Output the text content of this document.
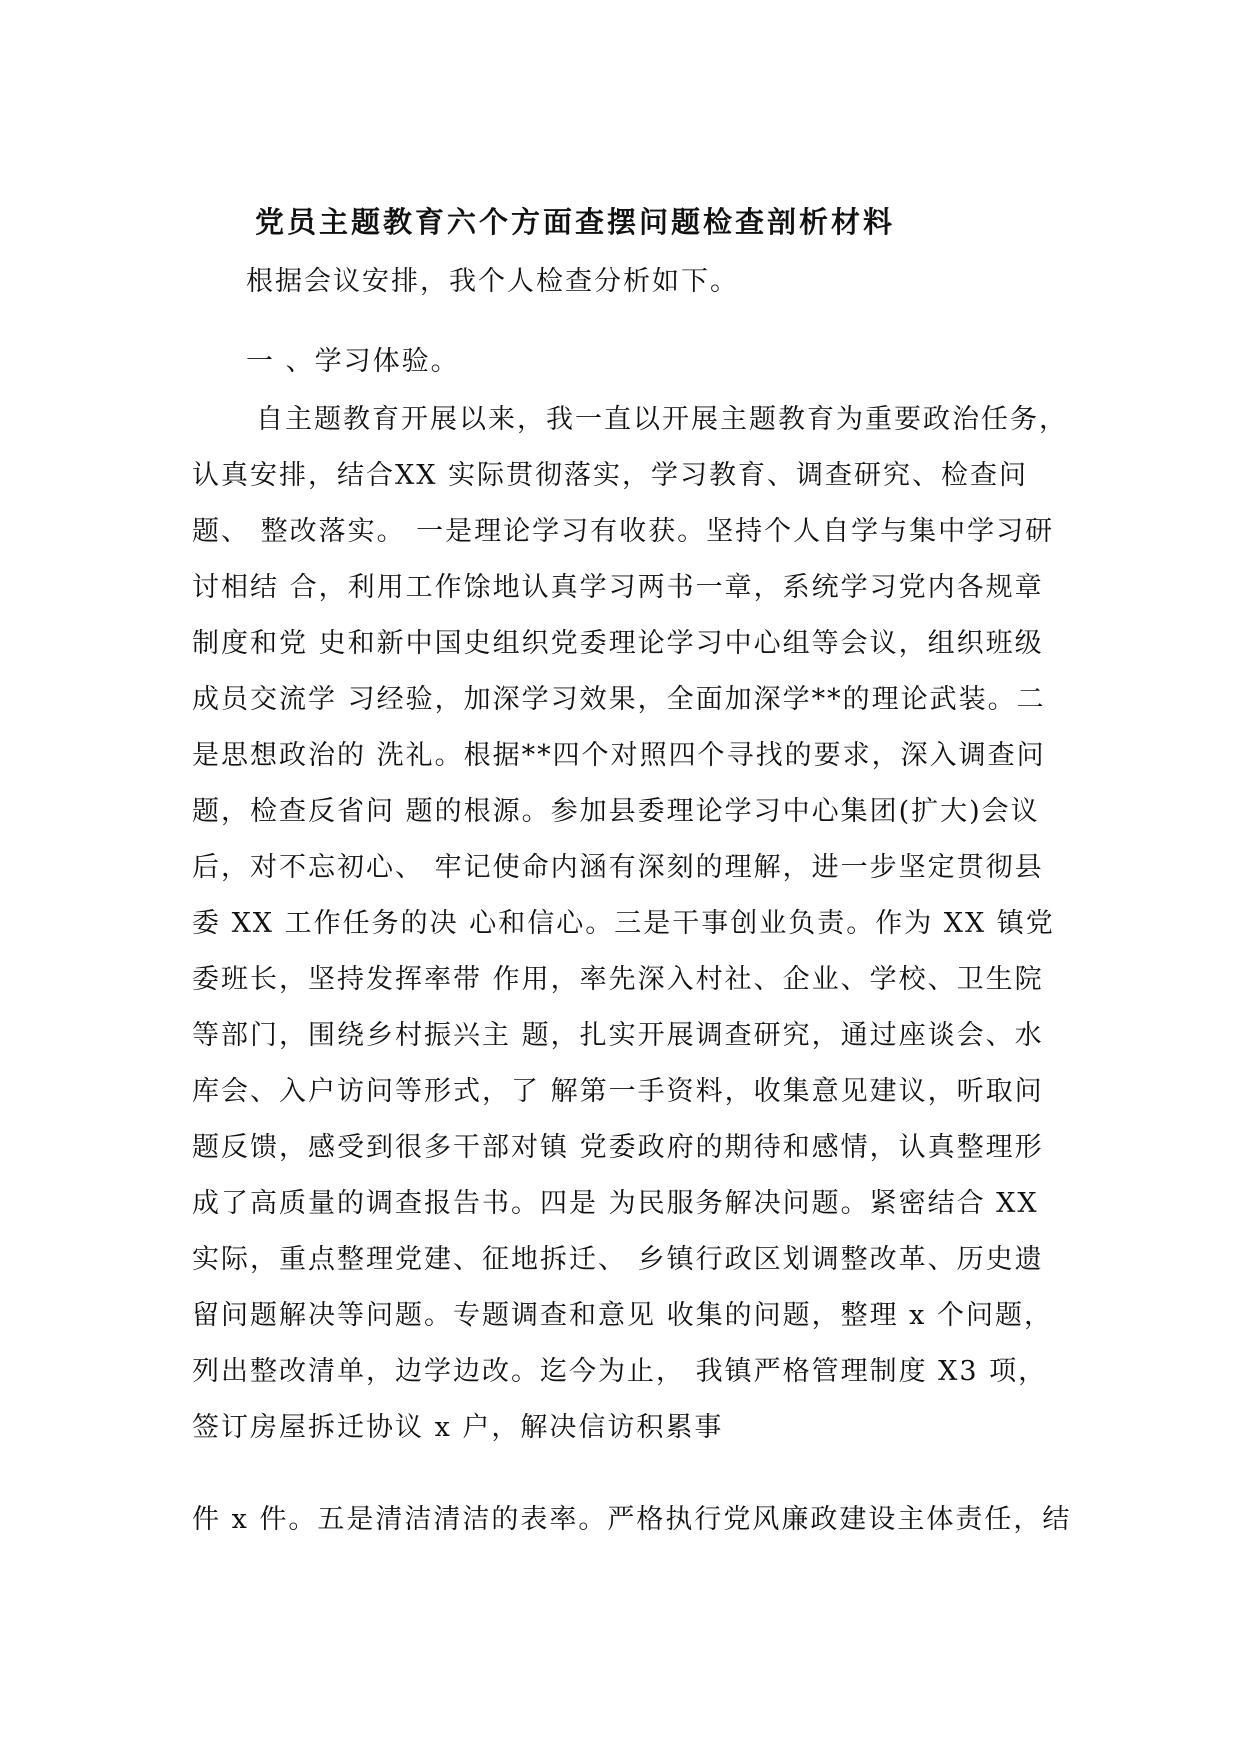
党员主题教育六个方面查摆问题检查剖析材料
根据会议安排，我个人检查分析如下。
一 、学习体验。
自主题教育开展以来，我一直以开展主题教育为重要政治任务，
认真安排，结合XX 实际贯彻落实，学习教育、调查研究、检查问
题、 整改落实。 一是理论学习有收获。坚持个人自学与集中学习研
讨相结 合，利用工作馀地认真学习两书一章，系统学习党内各规章
制度和党 史和新中国史组织党委理论学习中心组等会议，组织班级
成员交流学 习经验，加深学习效果，全面加深学**的理论武装。二
是思想政治的 洗礼。根据**四个对照四个寻找的要求，深入调查问
题，检查反省问 题的根源。参加县委理论学习中心集团(扩大)会议
后，对不忘初心、 牢记使命内涵有深刻的理解，进一步坚定贯彻县
委 XX 工作任务的决 心和信心。三是干事创业负责。作为 XX 镇党
委班长，坚持发挥率带 作用，率先深入村社、企业、学校、卫生院
等部门，围绕乡村振兴主 题，扎实开展调查研究，通过座谈会、水
库会、入户访问等形式，了 解第一手资料，收集意见建议，听取问
题反馈，感受到很多干部对镇 党委政府的期待和感情，认真整理形
成了高质量的调查报告书。四是 为民服务解决问题。紧密结合 XX
实际，重点整理党建、征地拆迁、 乡镇行政区划调整改革、历史遗
留问题解决等问题。专题调查和意见 收集的问题，整理 x 个问题，
列出整改清单，边学边改。迄今为止， 我镇严格管理制度 X3 项，
签订房屋拆迁协议 x 户，解决信访积累事
件 x 件。五是清洁清洁的表率。严格执行党风廉政建设主体责任，结
